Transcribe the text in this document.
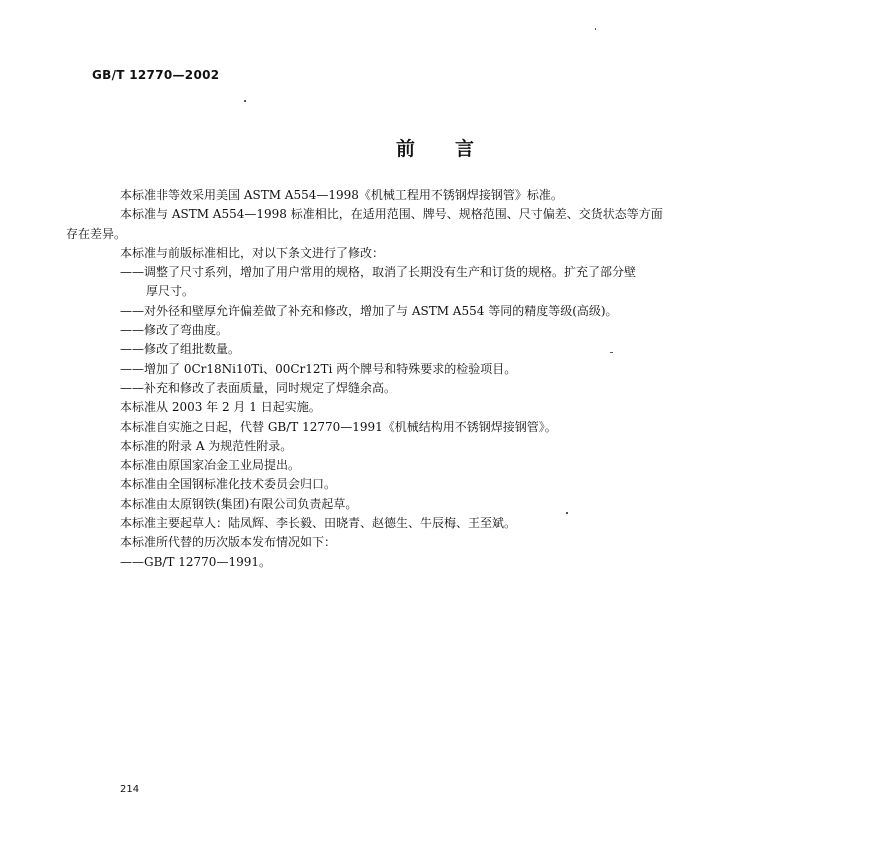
GB/T 12770—2002
前 言
本标准非等效采用美国 ASTM A554—1998《机械工程用不锈钢焊接钢管》标准。
本标准与 ASTM A554—1998 标准相比，在适用范围、牌号、规格范围、尺寸偏差、交货状态等方面
存在差异。
本标准与前版标准相比，对以下条文进行了修改：
——调整了尺寸系列，增加了用户常用的规格，取消了长期没有生产和订货的规格。扩充了部分壁
厚尺寸。
——对外径和壁厚允许偏差做了补充和修改，增加了与 ASTM A554 等同的精度等级(高级)。
——修改了弯曲度。
——修改了组批数量。
——增加了 0Cr18Ni10Ti、00Cr12Ti 两个牌号和特殊要求的检验项目。
——补充和修改了表面质量，同时规定了焊缝余高。
本标准从 2003 年 2 月 1 日起实施。
本标准自实施之日起，代替 GB/T 12770—1991《机械结构用不锈钢焊接钢管》。
本标准的附录 A 为规范性附录。
本标准由原国家冶金工业局提出。
本标准由全国钢标准化技术委员会归口。
本标准由太原钢铁(集团)有限公司负责起草。
本标准主要起草人：陆凤辉、李长毅、田晓青、赵德生、牛辰梅、王至斌。
本标准所代替的历次版本发布情况如下：
——GB/T 12770—1991。
214
